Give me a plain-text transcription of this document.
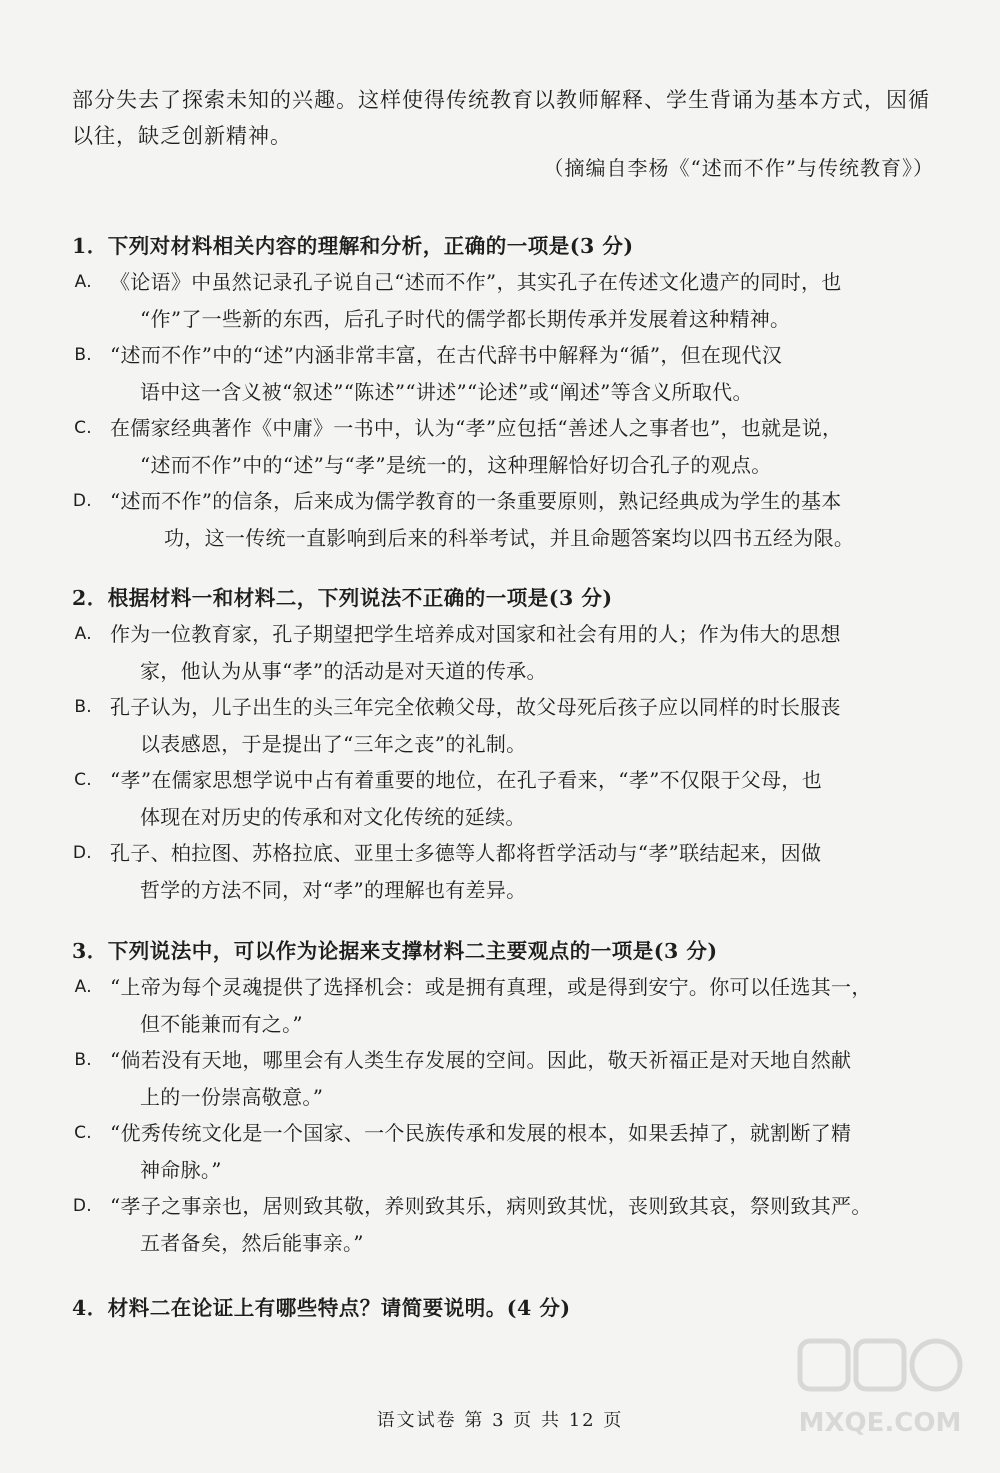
部分失去了探索未知的兴趣。这样使得传统教育以教师解释、学生背诵为基本方式，因循
以往，缺乏创新精神。
（摘编自李杨《“述而不作”与传统教育》）
1．下列对材料相关内容的理解和分析，正确的一项是(3 分)
A. 《论语》中虽然记录孔子说自己“述而不作”，其实孔子在传述文化遗产的同时，也
“作”了一些新的东西，后孔子时代的儒学都长期传承并发展着这种精神。
B. “述而不作”中的“述”内涵非常丰富，在古代辞书中解释为“循”，但在现代汉
语中这一含义被“叙述”“陈述”“讲述”“论述”或“阐述”等含义所取代。
C. 在儒家经典著作《中庸》一书中，认为“孝”应包括“善述人之事者也”，也就是说，
“述而不作”中的“述”与“孝”是统一的，这种理解恰好切合孔子的观点。
D. “述而不作”的信条，后来成为儒学教育的一条重要原则，熟记经典成为学生的基本
功，这一传统一直影响到后来的科举考试，并且命题答案均以四书五经为限。
2．根据材料一和材料二，下列说法不正确的一项是(3 分)
A. 作为一位教育家，孔子期望把学生培养成对国家和社会有用的人；作为伟大的思想
家，他认为从事“孝”的活动是对天道的传承。
B. 孔子认为，儿子出生的头三年完全依赖父母，故父母死后孩子应以同样的时长服丧
以表感恩，于是提出了“三年之丧”的礼制。
C. “孝”在儒家思想学说中占有着重要的地位，在孔子看来，“孝”不仅限于父母，也
体现在对历史的传承和对文化传统的延续。
D. 孔子、柏拉图、苏格拉底、亚里士多德等人都将哲学活动与“孝”联结起来，因做
哲学的方法不同，对“孝”的理解也有差异。
3．下列说法中，可以作为论据来支撑材料二主要观点的一项是(3 分)
A. “上帝为每个灵魂提供了选择机会：或是拥有真理，或是得到安宁。你可以任选其一，
但不能兼而有之。”
B. “倘若没有天地，哪里会有人类生存发展的空间。因此，敬天祈福正是对天地自然献
上的一份崇高敬意。”
C. “优秀传统文化是一个国家、一个民族传承和发展的根本，如果丢掉了，就割断了精
神命脉。”
D. “孝子之事亲也，居则致其敬，养则致其乐，病则致其忧，丧则致其哀，祭则致其严。
五者备矣，然后能事亲。”
4．材料二在论证上有哪些特点？请简要说明。(4 分)
语文试卷 第 3 页 共 12 页	MXQE.COM
